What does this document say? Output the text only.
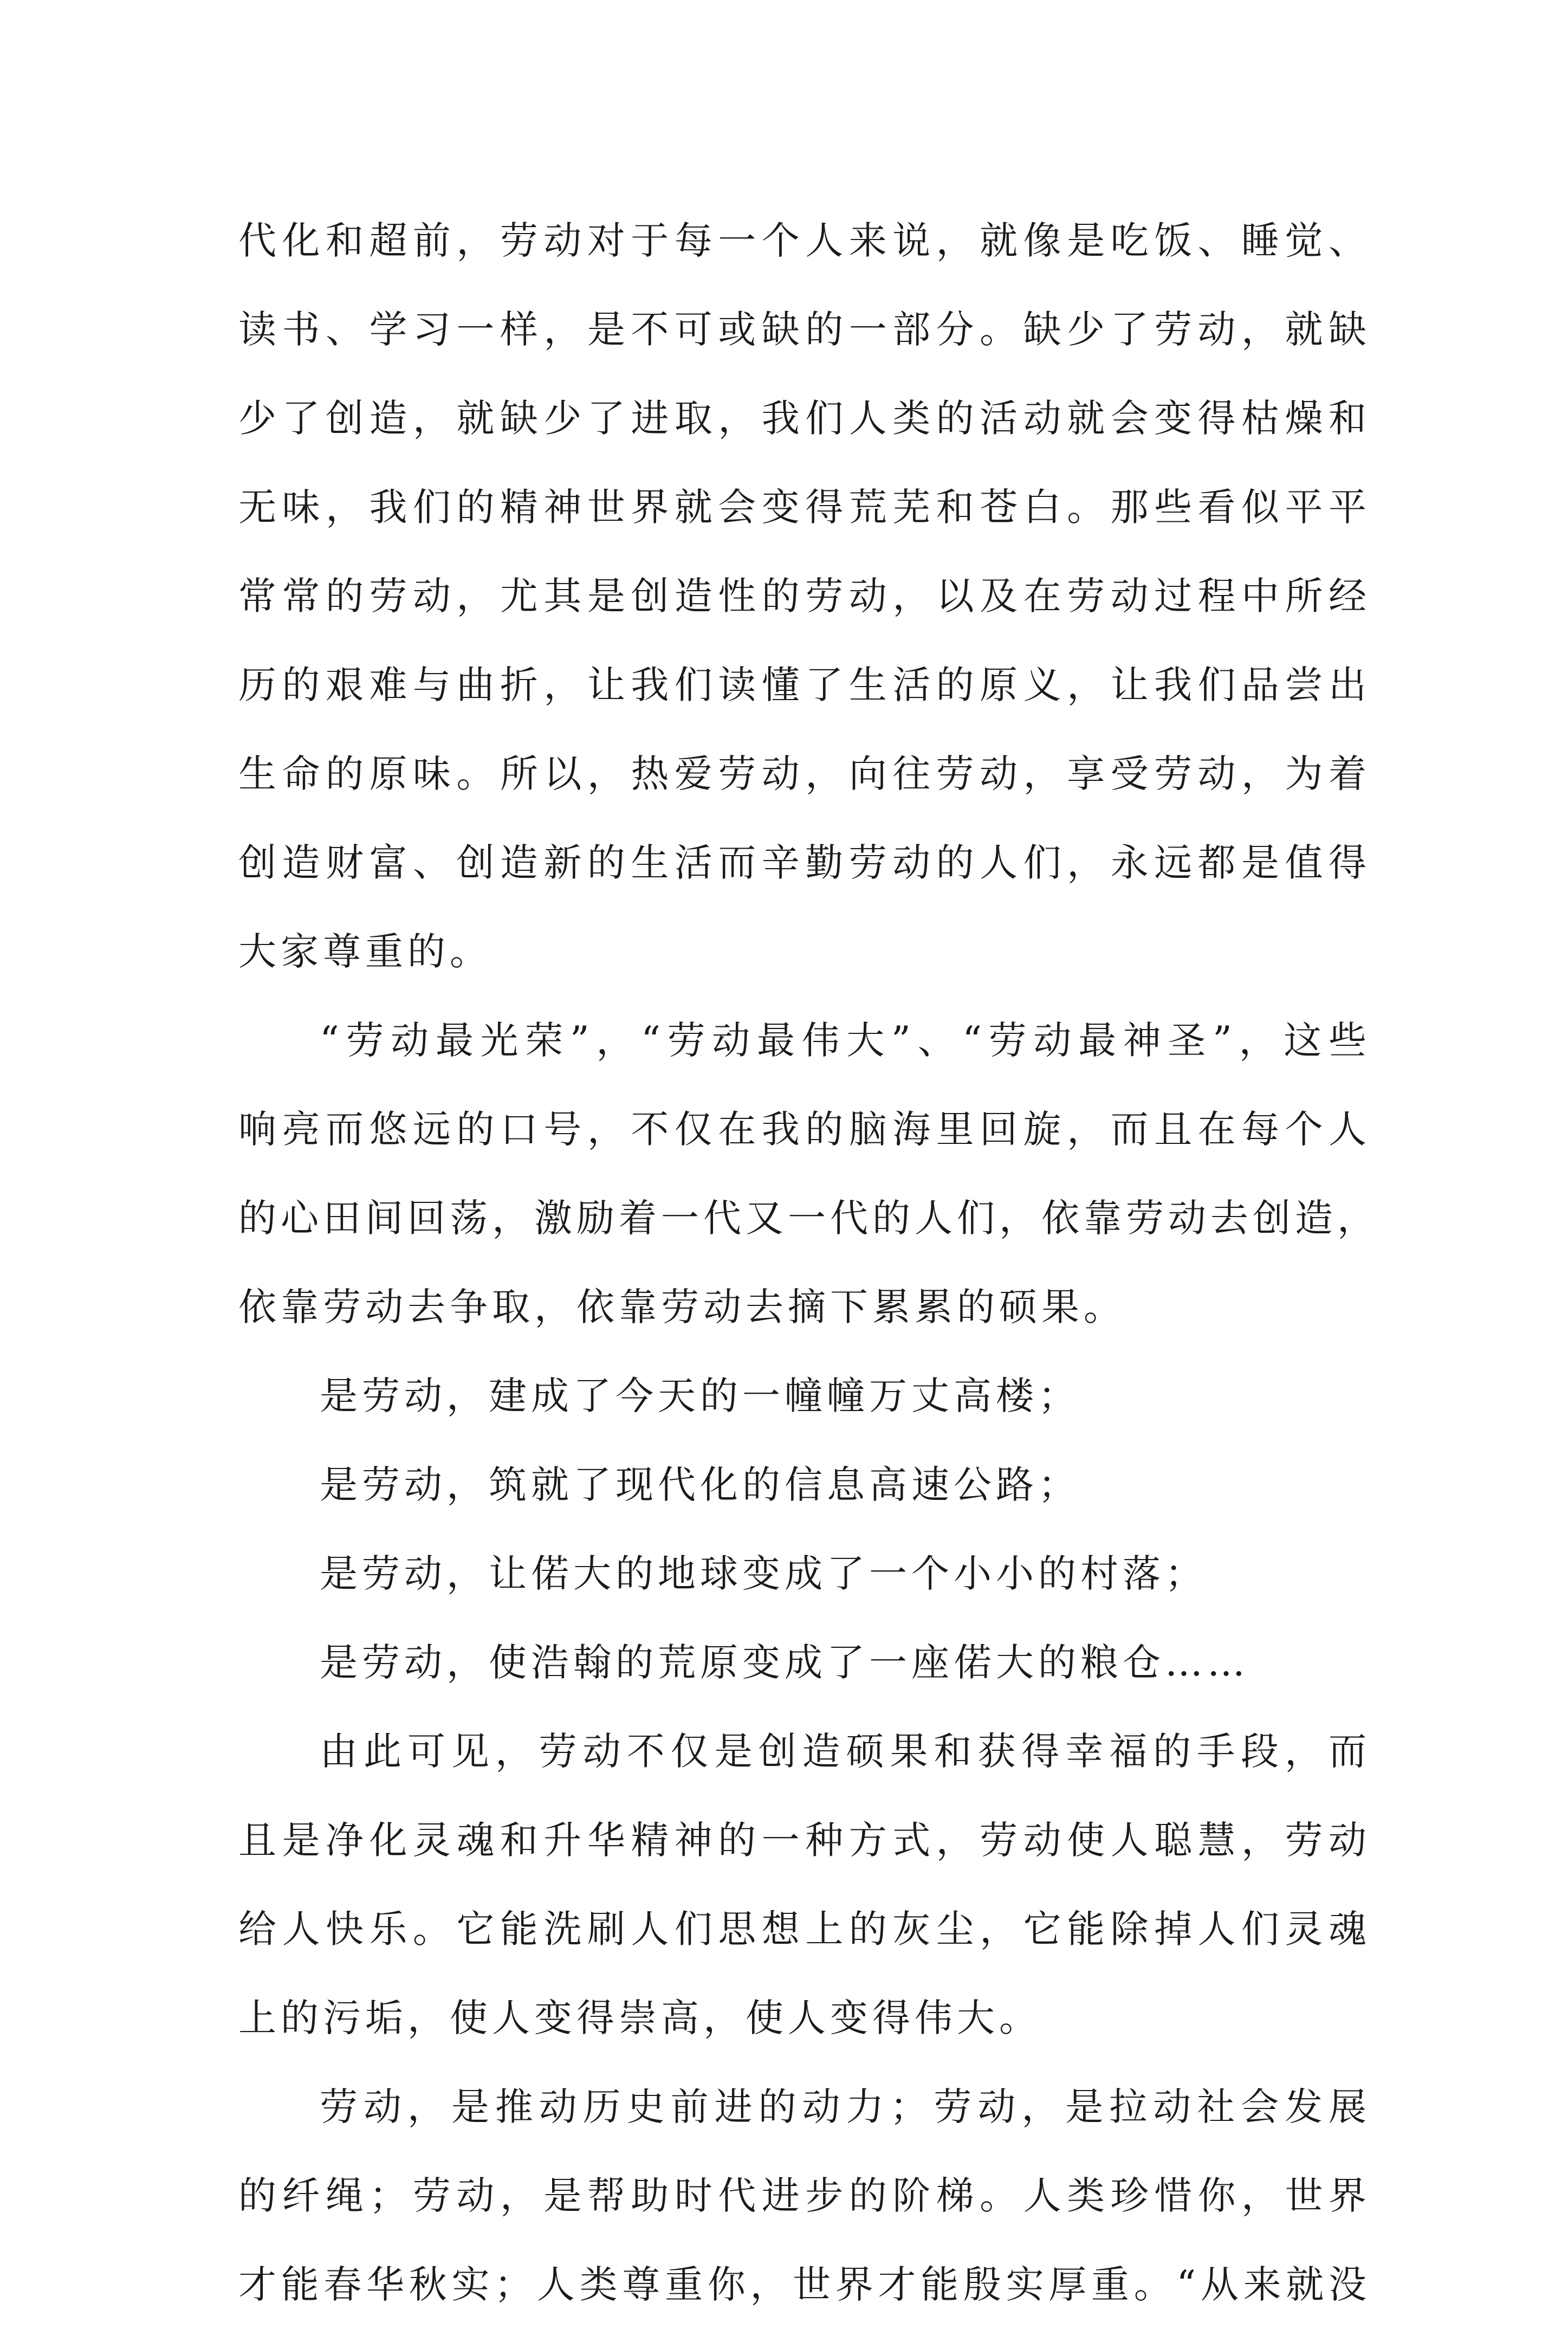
代化和超前，劳动对于每一个人来说，就像是吃饭、睡觉、
读书、学习一样，是不可或缺的一部分。缺少了劳动，就缺
少了创造，就缺少了进取，我们人类的活动就会变得枯燥和
无味，我们的精神世界就会变得荒芜和苍白。那些看似平平
常常的劳动，尤其是创造性的劳动，以及在劳动过程中所经
历的艰难与曲折，让我们读懂了生活的原义，让我们品尝出
生命的原味。所以，热爱劳动，向往劳动，享受劳动，为着
创造财富、创造新的生活而辛勤劳动的人们，永远都是值得
大家尊重的。
“劳动最光荣”，“劳动最伟大”、“劳动最神圣”，这些
响亮而悠远的口号，不仅在我的脑海里回旋，而且在每个人
的心田间回荡，激励着一代又一代的人们，依靠劳动去创造，
依靠劳动去争取，依靠劳动去摘下累累的硕果。
是劳动，建成了今天的一幢幢万丈高楼；
是劳动，筑就了现代化的信息高速公路；
是劳动，让偌大的地球变成了一个小小的村落；
是劳动，使浩翰的荒原变成了一座偌大的粮仓……
由此可见，劳动不仅是创造硕果和获得幸福的手段，而
且是净化灵魂和升华精神的一种方式，劳动使人聪慧，劳动
给人快乐。它能洗刷人们思想上的灰尘，它能除掉人们灵魂
上的污垢，使人变得崇高，使人变得伟大。
劳动，是推动历史前进的动力；劳动，是拉动社会发展
的纤绳；劳动，是帮助时代进步的阶梯。人类珍惜你，世界
才能春华秋实；人类尊重你，世界才能殷实厚重。“从来就没
